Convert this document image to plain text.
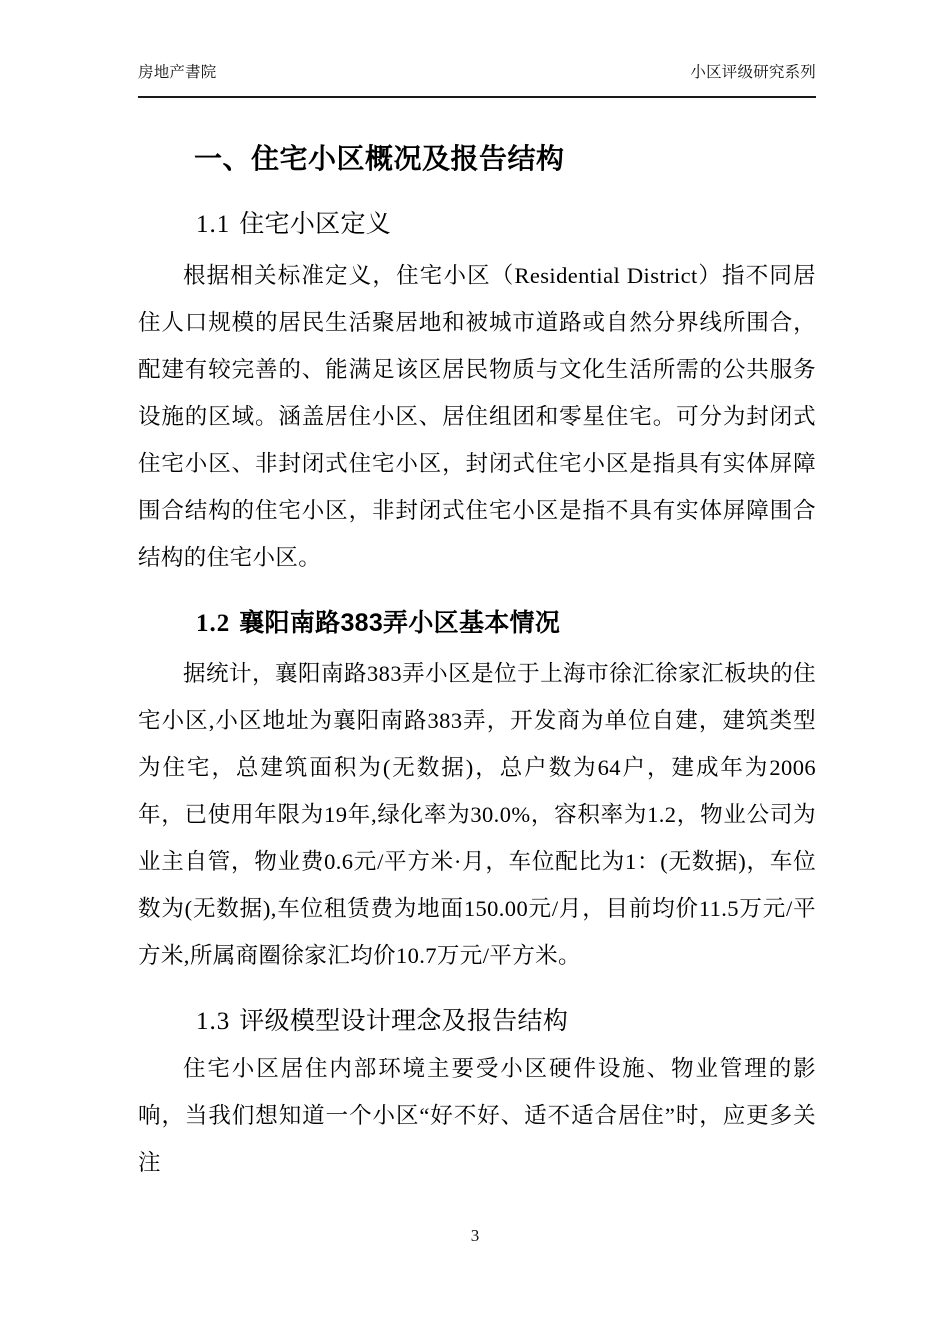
房地产書院	小区评级研究系列
一、住宅小区概况及报告结构
1.1 住宅小区定义

根据相关标准定义，住宅小区（Residential District）指不同居住人口规模的居民生活聚居地和被城市道路或自然分界线所围合，配建有较完善的、能满足该区居民物质与文化生活所需的公共服务设施的区域。涵盖居住小区、居住组团和零星住宅。可分为封闭式住宅小区、非封闭式住宅小区，封闭式住宅小区是指具有实体屏障围合结构的住宅小区，非封闭式住宅小区是指不具有实体屏障围合结构的住宅小区。

1.2 襄阳南路383弄小区基本情况

据统计，襄阳南路383弄小区是位于上海市徐汇徐家汇板块的住宅小区,小区地址为襄阳南路383弄，开发商为单位自建，建筑类型为住宅，总建筑面积为(无数据)，总户数为64户，建成年为2006年，已使用年限为19年,绿化率为30.0%，容积率为1.2，物业公司为业主自管，物业费0.6元/平方米·月，车位配比为1：(无数据)，车位数为(无数据),车位租赁费为地面150.00元/月，目前均价11.5万元/平方米,所属商圈徐家汇均价10.7万元/平方米。

1.3 评级模型设计理念及报告结构

住宅小区居住内部环境主要受小区硬件设施、物业管理的影响，当我们想知道一个小区“好不好、适不适合居住”时，应更多关注

3
